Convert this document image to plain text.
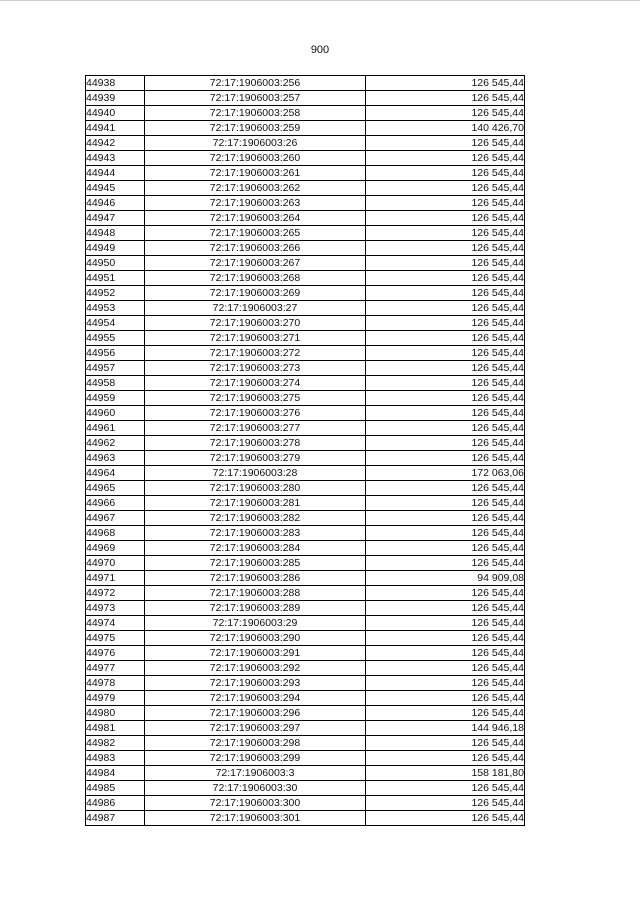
900
44938	72:17:1906003:256	126 545,44
44939	72:17:1906003:257	126 545,44
44940	72:17:1906003:258	126 545,44
44941	72:17:1906003:259	140 426,70
44942	72:17:1906003:26	126 545,44
44943	72:17:1906003:260	126 545,44
44944	72:17:1906003:261	126 545,44
44945	72:17:1906003:262	126 545,44
44946	72:17:1906003:263	126 545,44
44947	72:17:1906003:264	126 545,44
44948	72:17:1906003:265	126 545,44
44949	72:17:1906003:266	126 545,44
44950	72:17:1906003:267	126 545,44
44951	72:17:1906003:268	126 545,44
44952	72:17:1906003:269	126 545,44
44953	72:17:1906003:27	126 545,44
44954	72:17:1906003:270	126 545,44
44955	72:17:1906003:271	126 545,44
44956	72:17:1906003:272	126 545,44
44957	72:17:1906003:273	126 545,44
44958	72:17:1906003:274	126 545,44
44959	72:17:1906003:275	126 545,44
44960	72:17:1906003:276	126 545,44
44961	72:17:1906003:277	126 545,44
44962	72:17:1906003:278	126 545,44
44963	72:17:1906003:279	126 545,44
44964	72:17:1906003:28	172 063,06
44965	72:17:1906003:280	126 545,44
44966	72:17:1906003:281	126 545,44
44967	72:17:1906003:282	126 545,44
44968	72:17:1906003:283	126 545,44
44969	72:17:1906003:284	126 545,44
44970	72:17:1906003:285	126 545,44
44971	72:17:1906003:286	94 909,08
44972	72:17:1906003:288	126 545,44
44973	72:17:1906003:289	126 545,44
44974	72:17:1906003:29	126 545,44
44975	72:17:1906003:290	126 545,44
44976	72:17:1906003:291	126 545,44
44977	72:17:1906003:292	126 545,44
44978	72:17:1906003:293	126 545,44
44979	72:17:1906003:294	126 545,44
44980	72:17:1906003:296	126 545,44
44981	72:17:1906003:297	144 946,18
44982	72:17:1906003:298	126 545,44
44983	72:17:1906003:299	126 545,44
44984	72:17:1906003:3	158 181,80
44985	72:17:1906003:30	126 545,44
44986	72:17:1906003:300	126 545,44
44987	72:17:1906003:301	126 545,44
